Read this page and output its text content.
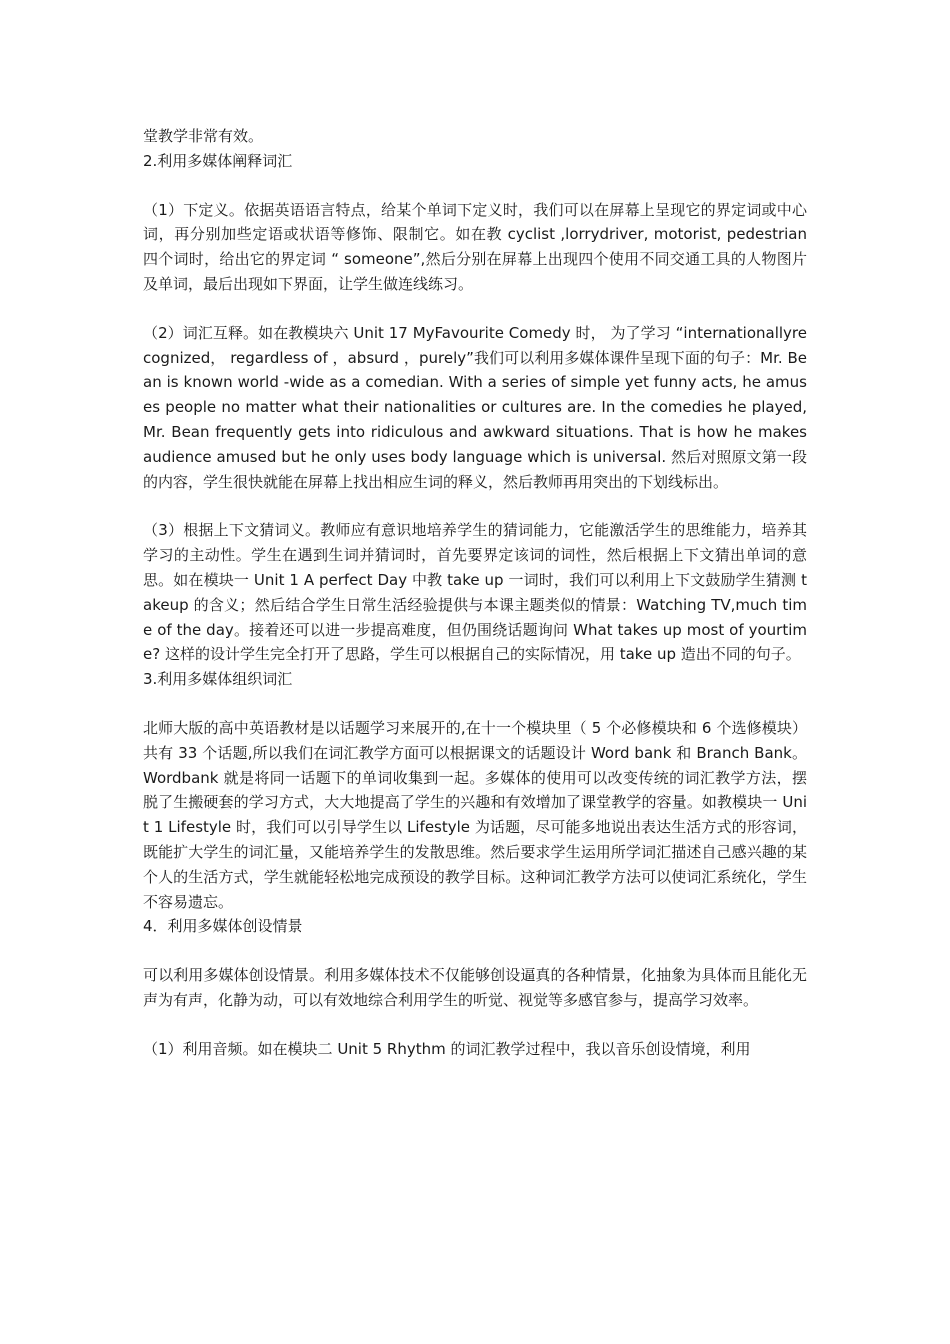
堂教学非常有效。

2.利用多媒体阐释词汇

（1）下定义。依据英语语言特点，给某个单词下定义时，我们可以在屏幕上呈现它的界定词或中心词，再分别加些定语或状语等修饰、限制它。如在教 cyclist ,lorrydriver, motorist, pedestrian 四个词时，给出它的界定词 “ someone”,然后分别在屏幕上出现四个使用不同交通工具的人物图片及单词，最后出现如下界面，让学生做连线练习。

（2）词汇互释。如在教模块六 Unit 17 MyFavourite Comedy 时， 为了学习 “internationallyrecognized， regardless of ，absurd ，purely”我们可以利用多媒体课件呈现下面的句子：Mr. Bean is known world -wide as a comedian. With a series of simple yet funny acts, he amuses people no matter what their nationalities or cultures are. In the comedies he played, Mr. Bean frequently gets into ridiculous and awkward situations. That is how he makes audience amused but he only uses body language which is universal. 然后对照原文第一段的内容，学生很快就能在屏幕上找出相应生词的释义，然后教师再用突出的下划线标出。

（3）根据上下文猜词义。教师应有意识地培养学生的猜词能力，它能激活学生的思维能力，培养其学习的主动性。学生在遇到生词并猜词时，首先要界定该词的词性，然后根据上下文猜出单词的意思。如在模块一 Unit 1 A perfect Day 中教 take up 一词时，我们可以利用上下文鼓励学生猜测 takeup 的含义；然后结合学生日常生活经验提供与本课主题类似的情景：Watching TV,much time of the day。接着还可以进一步提高难度，但仍围绕话题询问 What takes up most of yourtime? 这样的设计学生完全打开了思路，学生可以根据自己的实际情况，用 take up 造出不同的句子。

3.利用多媒体组织词汇

北师大版的高中英语教材是以话题学习来展开的,在十一个模块里（ 5 个必修模块和 6 个选修模块）共有 33 个话题,所以我们在词汇教学方面可以根据课文的话题设计 Word bank 和 Branch Bank。Wordbank 就是将同一话题下的单词收集到一起。多媒体的使用可以改变传统的词汇教学方法，摆脱了生搬硬套的学习方式，大大地提高了学生的兴趣和有效增加了课堂教学的容量。如教模块一 Unit 1 Lifestyle 时，我们可以引导学生以 Lifestyle 为话题，尽可能多地说出表达生活方式的形容词，既能扩大学生的词汇量，又能培养学生的发散思维。然后要求学生运用所学词汇描述自己感兴趣的某个人的生活方式，学生就能轻松地完成预设的教学目标。这种词汇教学方法可以使词汇系统化，学生不容易遗忘。

4．利用多媒体创设情景

可以利用多媒体创设情景。利用多媒体技术不仅能够创设逼真的各种情景，化抽象为具体而且能化无声为有声，化静为动，可以有效地综合利用学生的听觉、视觉等多感官参与，提高学习效率。

（1）利用音频。如在模块二 Unit 5 Rhythm 的词汇教学过程中，我以音乐创设情境，利用
